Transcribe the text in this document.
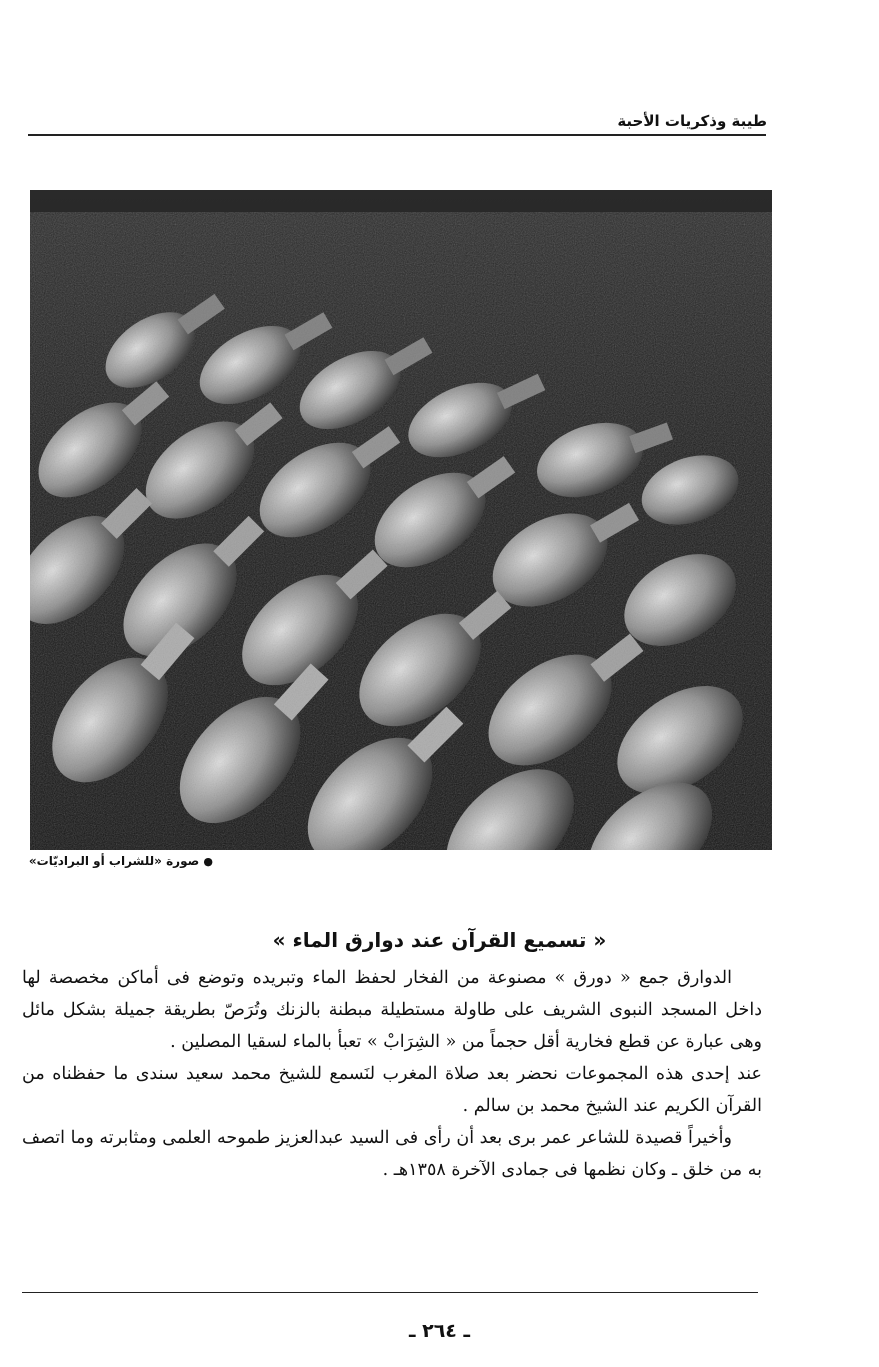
طيبة وذكريات الأحبة
● صورة «للشراب أو البراديّات»
« تسميع القرآن عند دوارق الماء »

الدوارق جمع « دورق » مصنوعة من الفخار لحفظ الماء وتبريده وتوضع فى أماكن مخصصة لها داخل المسجد النبوى الشريف على طاولة مستطيلة مبطنة بالزنك وتُرَصّ بطريقة جميلة بشكل مائل وهى عبارة عن قطع فخارية أقل حجماً من « الشِرَابْ » تعبأ بالماء لسقيا المصلين .

عند إحدى هذه المجموعات نحضر بعد صلاة المغرب لنَسمع للشيخ محمد سعيد سندى ما حفظناه من القرآن الكريم عند الشيخ محمد بن سالم .

وأخيراً قصيدة للشاعر عمر برى بعد أن رأى فى السيد عبدالعزيز طموحه العلمى ومثابرته وما اتصف به من خلق ـ وكان نظمها فى جمادى الآخرة ١٣٥٨هـ .

ـ ٢٦٤ ـ
